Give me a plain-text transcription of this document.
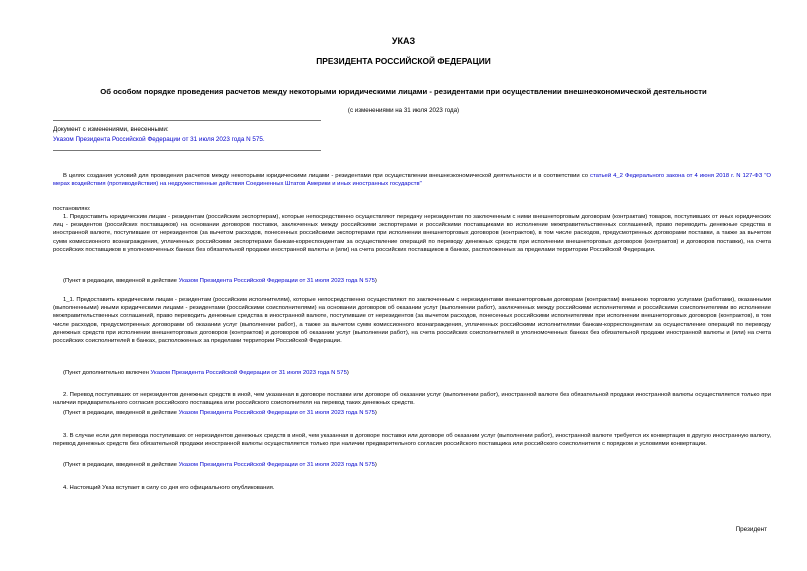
УКАЗ
ПРЕЗИДЕНТА РОССИЙСКОЙ ФЕДЕРАЦИИ
Об особом порядке проведения расчетов между некоторыми юридическими лицами - резидентами при осуществлении внешнеэкономической деятельности
(с изменениями на 31 июля 2023 года)
Документ с изменениями, внесенными:
Указом Президента Российской Федерации от 31 июля 2023 года N 575.
В целях создания условий для проведения расчетов между некоторыми юридическими лицами - резидентами при осуществлении внешнеэкономической деятельности и в соответствии со статьей 4_2 Федерального закона от 4 июня 2018 г. N 127-ФЗ "О мерах воздействия (противодействия) на недружественные действия Соединенных Штатов Америки и иных иностранных государств"
постановляю:
1. Предоставить юридическим лицам - резидентам (российским экспортерам), которые непосредственно осуществляют передачу нерезидентам по заключенным с ними внешнеторговым договорам (контрактам) товаров, поступивших от иных юридических лиц - резидентов (российских поставщиков) на основании договоров поставки, заключенных между российскими экспортерами и российскими поставщиками во исполнение межправительственных соглашений, право переводить денежные средства в иностранной валюте, поступившие от нерезидентов (за вычетом расходов, понесенных российскими экспортерами при исполнении внешнеторговых договоров (контрактов), в том числе расходов, предусмотренных договорами поставки, а также за вычетом сумм комиссионного вознаграждения, уплаченных российскими экспортерами банкам-корреспондентам за осуществление операций по переводу денежных средств при исполнении внешнеторговых договоров (контрактов) и договоров поставки), на счета российских поставщиков в уполномоченных банках без обязательной продажи иностранной валюты и (или) на счета российских поставщиков в банках, расположенных за пределами территории Российской Федерации.
(Пункт в редакции, введенной в действие Указом Президента Российской Федерации от 31 июля 2023 года N 575)
1_1. Предоставить юридическим лицам - резидентам (российским исполнителям), которые непосредственно осуществляют по заключенным с нерезидентами внешнеторговым договорам (контрактам) внешнюю торговлю услугами (работами), оказанными (выполненными) иными юридическими лицами - резидентами (российскими соисполнителями) на основании договоров об оказании услуг (выполнении работ), заключенных между российскими исполнителями и российскими соисполнителями во исполнение межправительственных соглашений, право переводить денежные средства в иностранной валюте, поступившие от нерезидентов (за вычетом расходов, понесенных российскими исполнителями при исполнении внешнеторговых договоров (контрактов), в том числе расходов, предусмотренных договорами об оказании услуг (выполнении работ), а также за вычетом сумм комиссионного вознаграждения, уплаченных российскими исполнителями банкам-корреспондентам за осуществление операций по переводу денежных средств при исполнении внешнеторговых договоров (контрактов) и договоров об оказании услуг (выполнении работ), на счета российских соисполнителей в уполномоченных банках без обязательной продажи иностранной валюты и (или) на счета российских соисполнителей в банках, расположенных за пределами территории Российской Федерации.
(Пункт дополнительно включен Указом Президента Российской Федерации от 31 июля 2023 года N 575)
2. Перевод поступивших от нерезидентов денежных средств в иной, чем указанная в договоре поставки или договоре об оказании услуг (выполнении работ), иностранной валюте без обязательной продажи иностранной валюты осуществляется только при наличии предварительного согласия российского поставщика или российского соисполнителя на перевод таких денежных средств.
(Пункт в редакции, введенной в действие Указом Президента Российской Федерации от 31 июля 2023 года N 575)
3. В случае если для перевода поступивших от нерезидентов денежных средств в иной, чем указанная в договоре поставки или договоре об оказании услуг (выполнении работ), иностранной валюте требуется их конвертация в другую иностранную валюту, перевод денежных средств без обязательной продажи иностранной валюты осуществляется только при наличии предварительного согласия российского поставщика или российского соисполнителя с порядком и условиями конвертации.
(Пункт в редакции, введенной в действие Указом Президента Российской Федерации от 31 июля 2023 года N 575)
4. Настоящий Указ вступает в силу со дня его официального опубликования.
Президент
